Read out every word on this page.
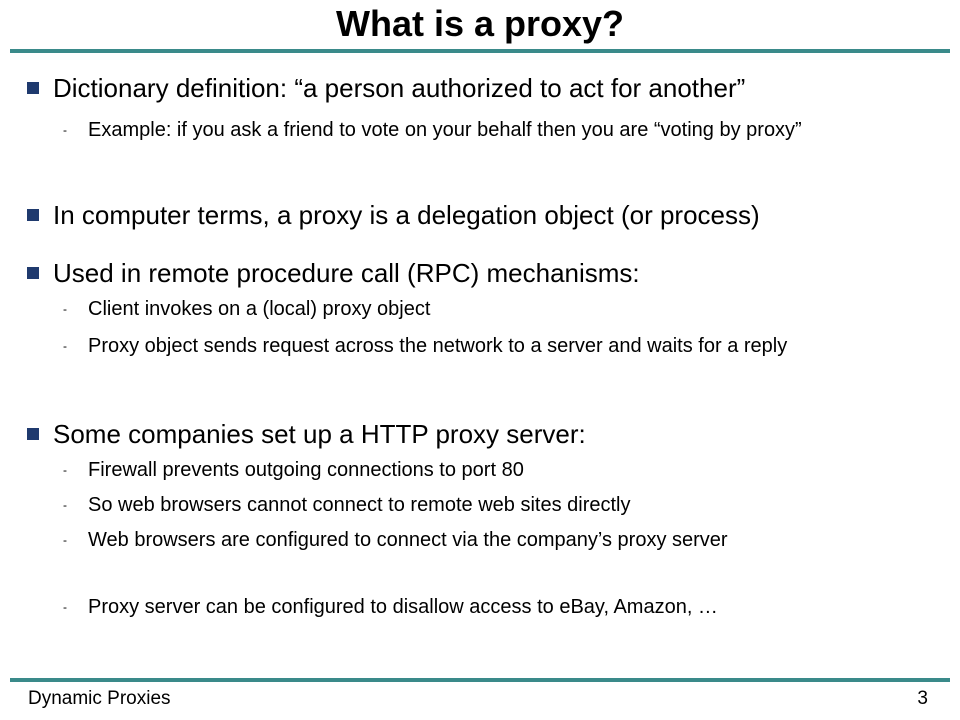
What is a proxy?
Dictionary definition: “a person authorized to act for another”
-	Example: if you ask a friend to vote on your behalf then you are “voting by proxy”
In computer terms, a proxy is a delegation object (or process)
Used in remote procedure call (RPC) mechanisms:
-	Client invokes on a (local) proxy object
-	Proxy object sends request across the network to a server and waits for a reply
Some companies set up a HTTP proxy server:
-	Firewall prevents outgoing connections to port 80
-	So web browsers cannot connect to remote web sites directly
-	Web browsers are configured to connect via the company’s proxy server
-	Proxy server can be configured to disallow access to eBay, Amazon, …
Dynamic Proxies	3
